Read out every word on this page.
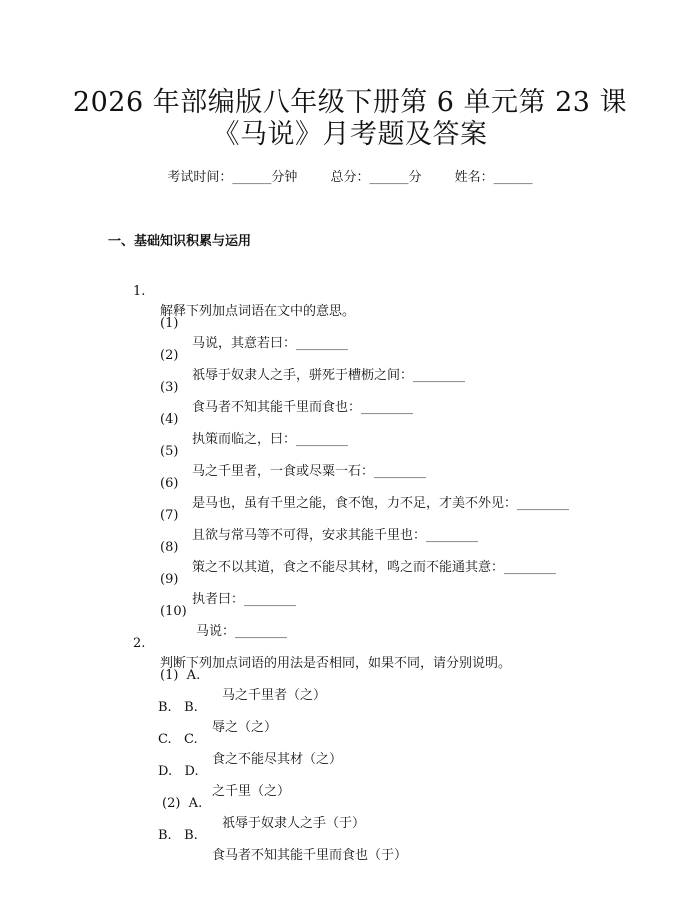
2026 年部编版八年级下册第 6 单元第 23 课
《马说》月考题及答案
考试时间：______分钟	总分：______分	姓名：______
一、基础知识积累与运用

1.

解释下列加点词语在文中的意思。

(1)

马说，其意若曰：________

(2)

祇辱于奴隶人之手，骈死于槽枥之间：________

(3)

食马者不知其能千里而食也：________

(4)

执策而临之，曰：________

(5)

马之千里者，一食或尽粟一石：________

(6)

是马也，虽有千里之能，食不饱，力不足，才美不外见：________

(7)

且欲与常马等不可得，安求其能千里也：________

(8)

策之不以其道，食之不能尽其材，鸣之而不能通其意：________

(9)

执者曰：________

(10)

马说：________

2.

判断下列加点词语的用法是否相同，如果不同，请分别说明。

(1)  A.

马之千里者（之）

B.   B.

辱之（之）

C.   C.

食之不能尽其材（之）

D.   D.

之千里（之）

(2)  A.

祇辱于奴隶人之手（于）

B.   B.

食马者不知其能千里而食也（于）
